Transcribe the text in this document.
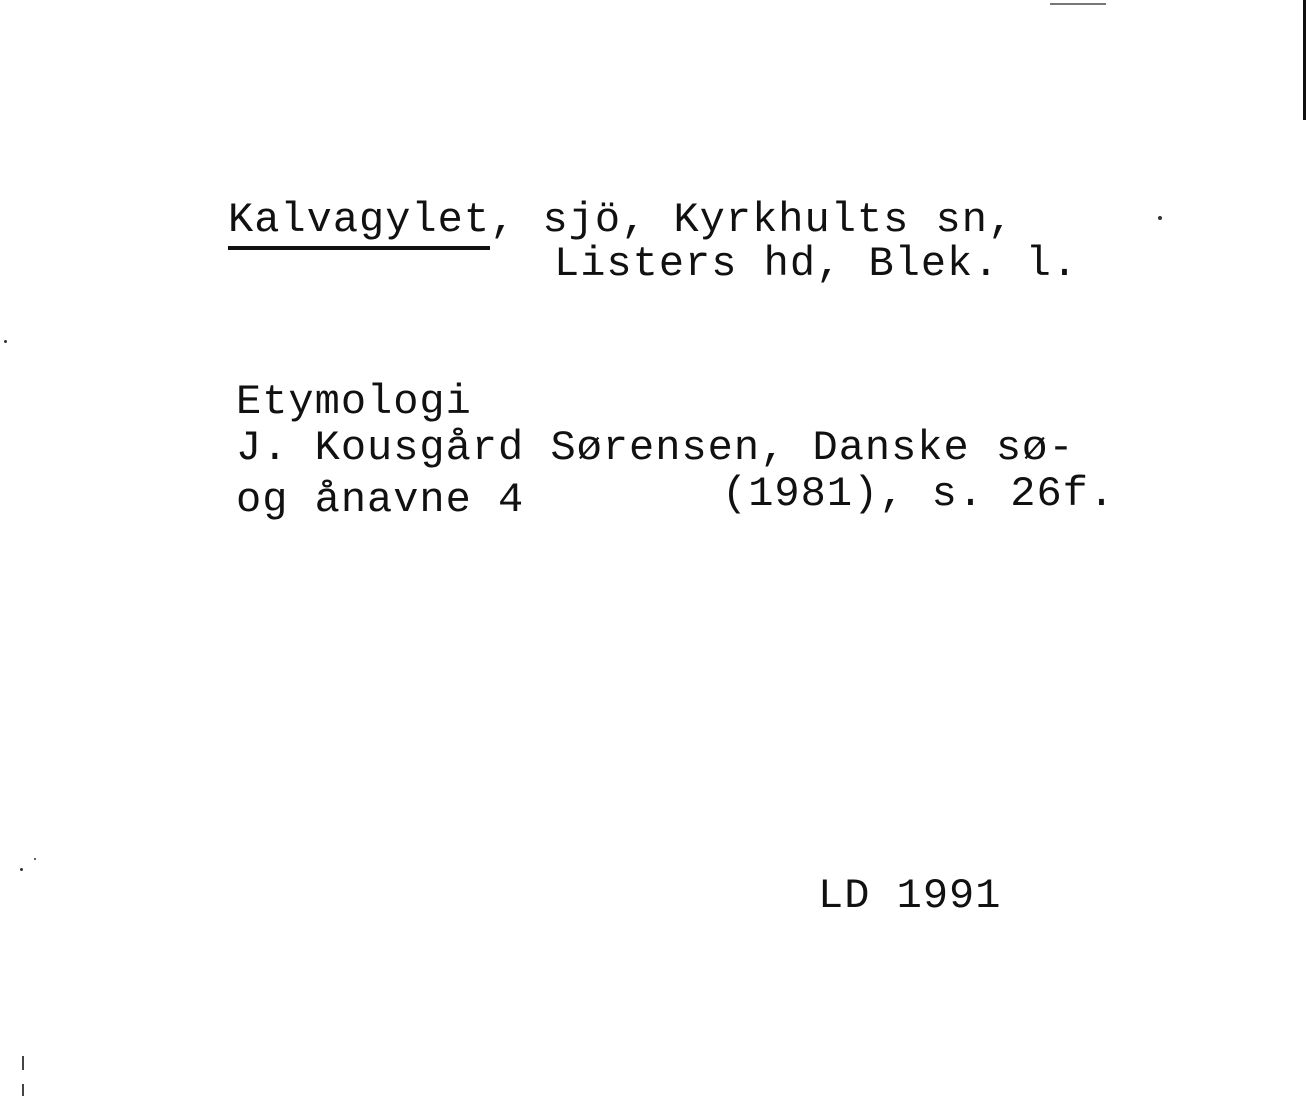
Kalvagylet, sjö, Kyrkhults sn,
Listers hd, Blek. l.
Etymologi
J. Kousgård Sørensen, Danske sø-
og ånavne 4	(1981), s. 26f.
LD 1991
